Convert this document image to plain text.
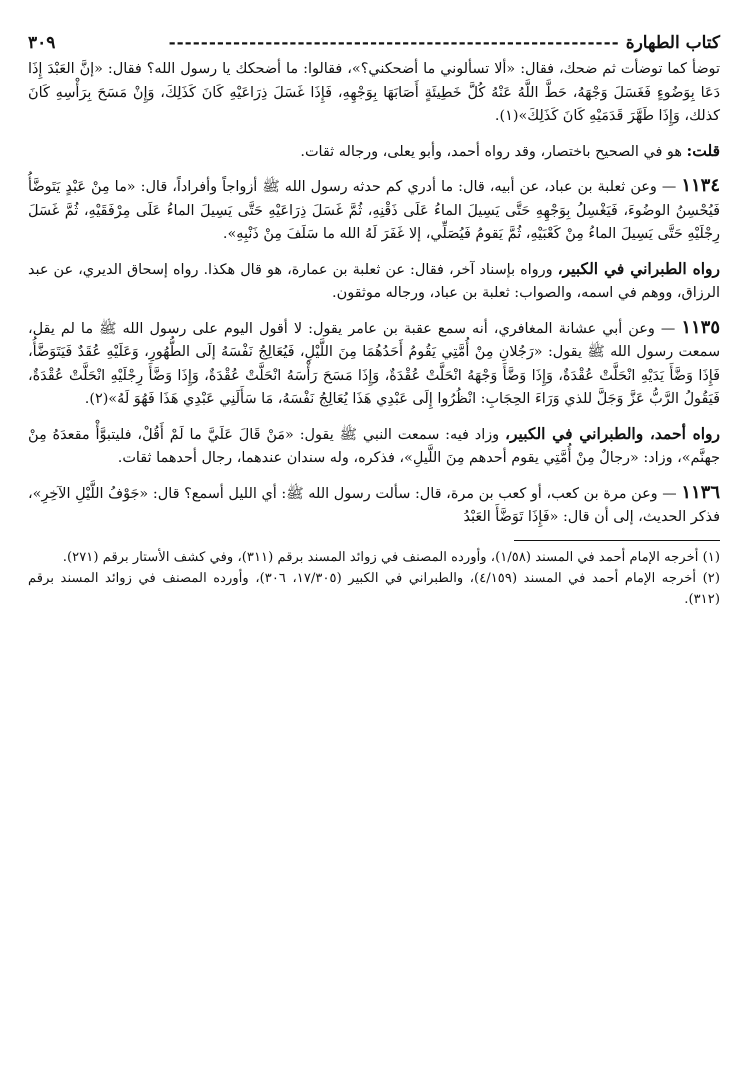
كتاب الطهارة
--------------------------------------------------------
٣٠٩

توضأ كما توضأت ثم ضحك، فقال: «ألا تسألوني ما أضحكني؟»، فقالوا: ما أضحكك يا رسول الله؟ فقال: «إنَّ العَبْدَ إِذَا دَعَا بِوَضُوءٍ فَغَسَلَ وَجْهَهُ، حَطَّ اللَّهُ عَنْهُ كُلَّ خَطِيئَةٍ أَصَابَهَا بِوَجْهِهِ، فَإِذَا غَسَلَ ذِرَاعَيْهِ كَانَ كَذَلِكَ، وَإِنْ مَسَحَ بِرَأْسِهِ كَانَ كذلك، وَإِذَا طَهَّرَ قَدَمَيْهِ كَانَ كَذَلِكَ»(١).

قلت: هو في الصحيح باختصار، وقد رواه أحمد، وأبو يعلى، ورجاله ثقات.

١١٣٤ — وعن ثعلبة بن عباد، عن أبيه، قال: ما أدري كم حدثه رسول الله ﷺ أزواجاً وأفراداً، قال: «ما مِنْ عَبْدٍ يَتَوضَّأُ فَيُحْسِنُ الوضُوءَ، فَيَغْسِلُ بِوَجْهِهِ حَتَّى يَسِيلَ الماءُ عَلَى ذَقْنِهِ، ثُمَّ غَسَلَ ذِرَاعَيْهِ حَتَّى يَسِيلَ الماءُ عَلَى مِرْفَقَيْهِ، ثُمَّ غَسَلَ رِجْلَيْهِ حَتَّى يَسِيلَ الماءُ مِنْ كَعْبَيْهِ، ثُمَّ يَقومُ فَيُصَلِّي، إلا غَفَرَ لَهُ الله ما سَلَفَ مِنْ ذَنْبِهِ».

رواه الطبراني في الكبير، ورواه بإسناد آخر، فقال: عن ثعلبة بن عمارة، هو قال هكذا. رواه إسحاق الديري، عن عبد الرزاق، ووهم في اسمه، والصواب: ثعلبة بن عباد، ورجاله موثقون.

١١٣٥ — وعن أبي عشانة المغافري، أنه سمع عقبة بن عامر يقول: لا أقول اليوم على رسول الله ﷺ ما لم يقل، سمعت رسول الله ﷺ يقول: «رَجُلانِ مِنْ أُمَّتِي يَقُومُ أَحَدُهُمَا مِنَ اللَّيْلِ، فَيُعَالِجُ نَفْسَهُ إلَى الطُّهُورِ، وَعَلَيْهِ عُقَدٌ فَيَتَوَضَّأُ، فَإِذَا وَضَّأَ يَدَيْهِ انْحَلَّتْ عُقْدَةٌ، وَإِذَا وَضَّأَ وَجْهَهُ انْحَلَّتْ عُقْدَةٌ، وَإِذَا مَسَحَ رَأْسَهُ انْحَلَّتْ عُقْدَةٌ، وَإِذَا وَضَّأَ رِجْلَيْهِ انْحَلَّتْ عُقْدَةٌ، فَيَقُولُ الرَّبُّ عَزَّ وَجَلَّ للذي وَرَاءَ الحِجَابِ: انْظُرُوا إِلَى عَبْدِي هَذَا يُعَالِجُ نَفْسَهُ، مَا سَأَلَنِي عَبْدِي هَذَا فَهُوَ لَهُ»(٢).

رواه أحمد، والطبراني في الكبير، وزاد فيه: سمعت النبي ﷺ يقول: «مَنْ قَالَ عَلَيَّ ما لَمْ أَقُلْ، فليتبوَّأْ مقعدَهُ مِنْ جهنَّم»، وزاد: «رجالٌ مِنْ أُمَّتِي يقوم أحدهم مِنَ اللَّيلِ»، فذكره، وله سندان عندهما، رجال أحدهما ثقات.

١١٣٦ — وعن مرة بن كعب، أو كعب بن مرة، قال: سألت رسول الله ﷺ: أي الليل أسمع؟ قال: «جَوْفُ اللَّيْلِ الآخِرِ»، فذكر الحديث، إلى أن قال: «فَإِذَا تَوَضَّأَ العَبْدُ

(١) أخرجه الإمام أحمد في المسند (١/٥٨)، وأورده المصنف في زوائد المسند برقم (٣١١)، وفي كشف الأستار برقم (٢٧١).

(٢) أخرجه الإمام أحمد في المسند (٤/١٥٩)، والطبراني في الكبير (١٧/٣٠٥، ٣٠٦)، وأورده المصنف في زوائد المسند برقم (٣١٢).
